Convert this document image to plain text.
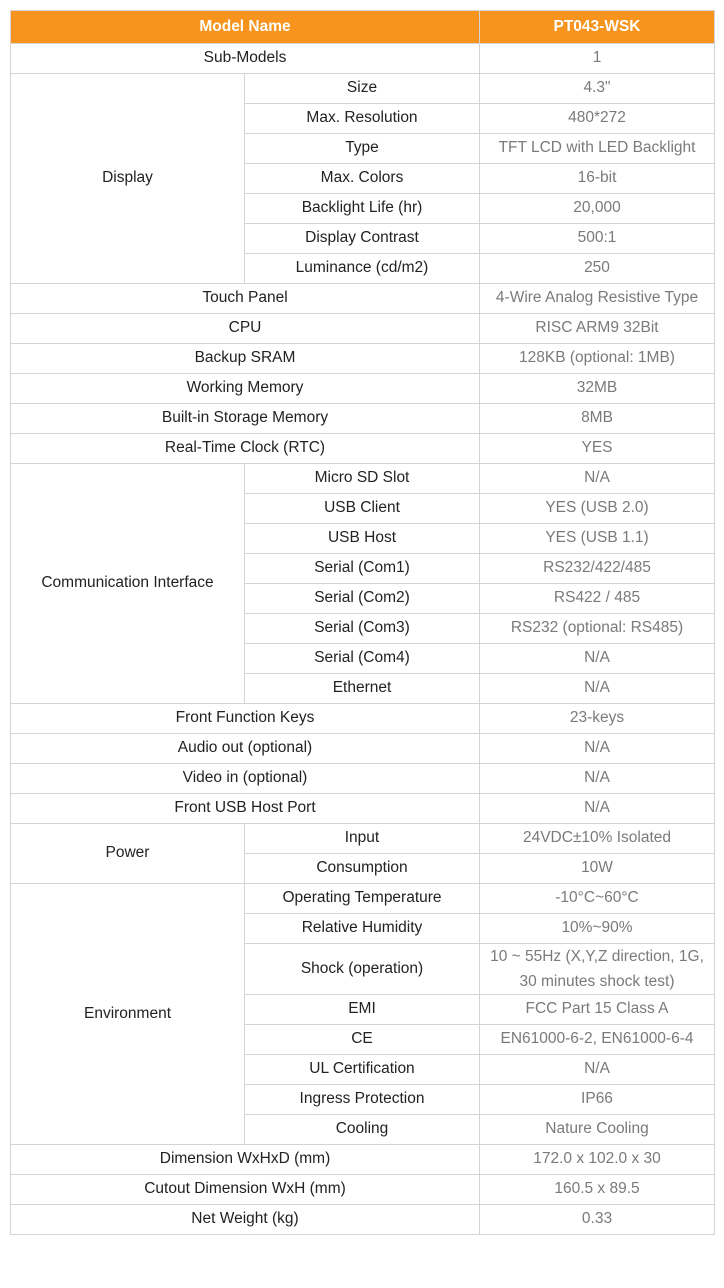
Model Name		PT043-WSK
Sub-Models		1
Display	Size	4.3"
	Max. Resolution	480*272
	Type	TFT LCD with LED Backlight
	Max. Colors	16-bit
	Backlight Life (hr)	20,000
	Display Contrast	500:1
	Luminance (cd/m2)	250
Touch Panel		4-Wire Analog Resistive Type
CPU		RISC ARM9 32Bit
Backup SRAM		128KB (optional: 1MB)
Working Memory		32MB
Built-in Storage Memory		8MB
Real-Time Clock (RTC)		YES
Communication Interface	Micro SD Slot	N/A
	USB Client	YES (USB 2.0)
	USB Host	YES (USB 1.1)
	Serial (Com1)	RS232/422/485
	Serial (Com2)	RS422 / 485
	Serial (Com3)	RS232 (optional: RS485)
	Serial (Com4)	N/A
	Ethernet	N/A
Front Function Keys		23-keys
Audio out (optional)		N/A
Video in (optional)		N/A
Front USB Host Port		N/A
Power	Input	24VDC±10% Isolated
	Consumption	10W
Environment	Operating Temperature	-10°C~60°C
	Relative Humidity	10%~90%
	Shock (operation)	10 ~ 55Hz (X,Y,Z direction, 1G, 30 minutes shock test)
	EMI	FCC Part 15 Class A
	CE	EN61000-6-2, EN61000-6-4
	UL Certification	N/A
	Ingress Protection	IP66
	Cooling	Nature Cooling
Dimension WxHxD (mm)		172.0 x 102.0 x 30
Cutout Dimension WxH (mm)		160.5 x 89.5
Net Weight (kg)		0.33
